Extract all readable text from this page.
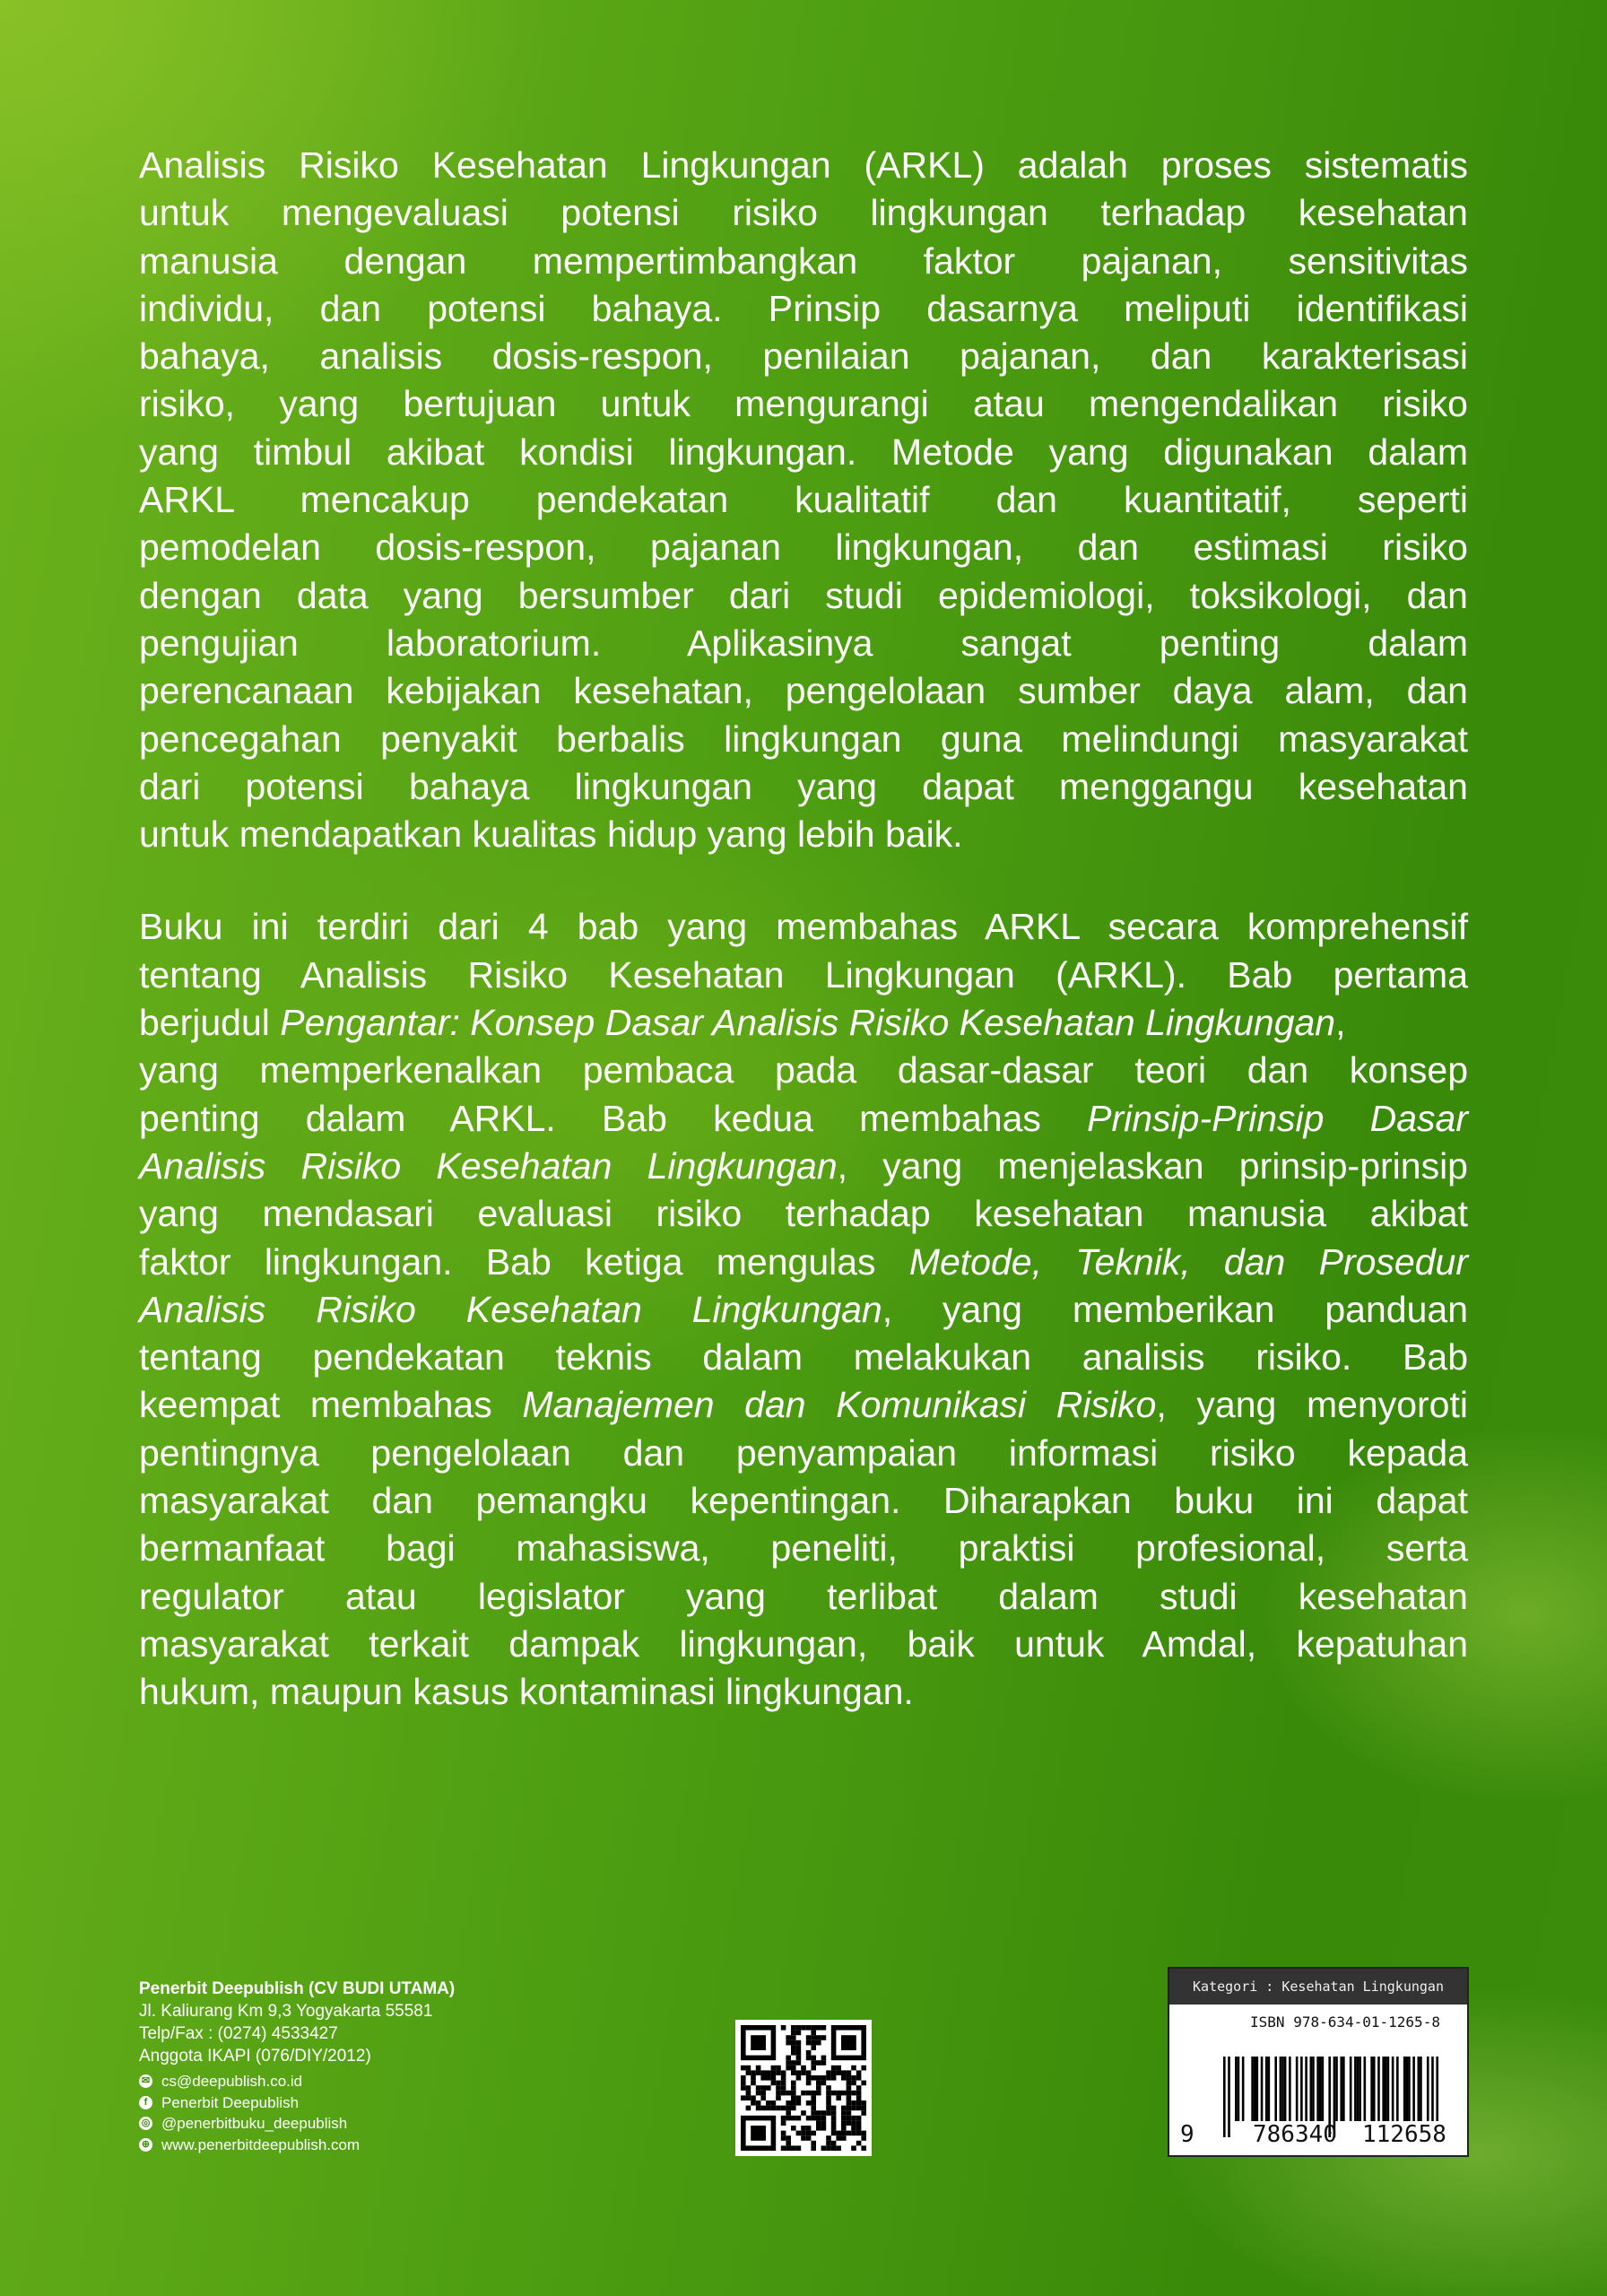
Analisis Risiko Kesehatan Lingkungan (ARKL) adalah proses sistematis
untuk mengevaluasi potensi risiko lingkungan terhadap kesehatan
manusia dengan mempertimbangkan faktor pajanan, sensitivitas
individu, dan potensi bahaya. Prinsip dasarnya meliputi identifikasi
bahaya, analisis dosis-respon, penilaian pajanan, dan karakterisasi
risiko, yang bertujuan untuk mengurangi atau mengendalikan risiko
yang timbul akibat kondisi lingkungan. Metode yang digunakan dalam
ARKL mencakup pendekatan kualitatif dan kuantitatif, seperti
pemodelan dosis-respon, pajanan lingkungan, dan estimasi risiko
dengan data yang bersumber dari studi epidemiologi, toksikologi, dan
pengujian laboratorium. Aplikasinya sangat penting dalam
perencanaan kebijakan kesehatan, pengelolaan sumber daya alam, dan
pencegahan penyakit berbalis lingkungan guna melindungi masyarakat
dari potensi bahaya lingkungan yang dapat menggangu kesehatan
untuk mendapatkan kualitas hidup yang lebih baik.
Buku ini terdiri dari 4 bab yang membahas ARKL secara komprehensif
tentang Analisis Risiko Kesehatan Lingkungan (ARKL). Bab pertama
berjudul Pengantar: Konsep Dasar Analisis Risiko Kesehatan Lingkungan,
yang memperkenalkan pembaca pada dasar-dasar teori dan konsep
penting dalam ARKL. Bab kedua membahas Prinsip-Prinsip Dasar
Analisis Risiko Kesehatan Lingkungan, yang menjelaskan prinsip-prinsip
yang mendasari evaluasi risiko terhadap kesehatan manusia akibat
faktor lingkungan. Bab ketiga mengulas Metode, Teknik, dan Prosedur
Analisis Risiko Kesehatan Lingkungan, yang memberikan panduan
tentang pendekatan teknis dalam melakukan analisis risiko. Bab
keempat membahas Manajemen dan Komunikasi Risiko, yang menyoroti
pentingnya pengelolaan dan penyampaian informasi risiko kepada
masyarakat dan pemangku kepentingan. Diharapkan buku ini dapat
bermanfaat bagi mahasiswa, peneliti, praktisi profesional, serta
regulator atau legislator yang terlibat dalam studi kesehatan
masyarakat terkait dampak lingkungan, baik untuk Amdal, kepatuhan
hukum, maupun kasus kontaminasi lingkungan.
Penerbit Deepublish (CV BUDI UTAMA)
Jl. Kaliurang Km 9,3 Yogyakarta 55581
Telp/Fax : (0274) 4533427
Anggota IKAPI (076/DIY/2012)
✉ cs@deepublish.co.id
f Penerbit Deepublish
◎ @penerbitbuku_deepublish
⊕ www.penerbitdeepublish.com
Kategori : Kesehatan Lingkungan
ISBN 978-634-01-1265-8
9	786340 112658
